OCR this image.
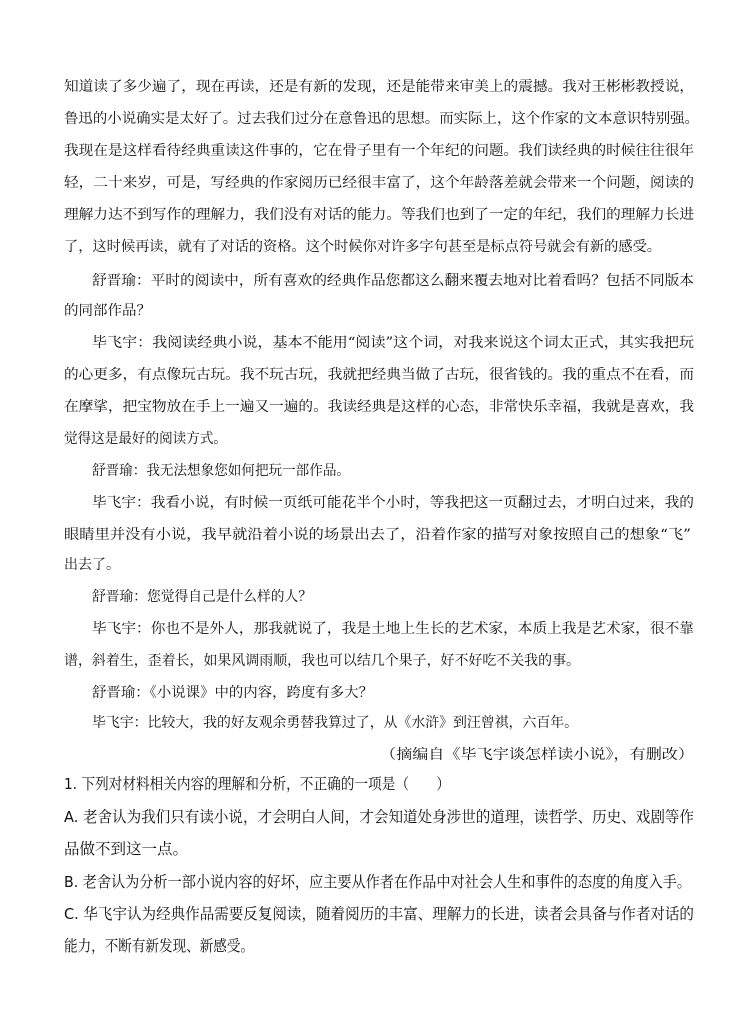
知道读了多少遍了，现在再读，还是有新的发现，还是能带来审美上的震撼。我对王彬彬教授说，
鲁迅的小说确实是太好了。过去我们过分在意鲁迅的思想。而实际上，这个作家的文本意识特别强。
我现在是这样看待经典重读这件事的，它在骨子里有一个年纪的问题。我们读经典的时候往往很年
轻，二十来岁，可是，写经典的作家阅历已经很丰富了，这个年龄落差就会带来一个问题，阅读的
理解力达不到写作的理解力，我们没有对话的能力。等我们也到了一定的年纪，我们的理解力长进
了，这时候再读，就有了对话的资格。这个时候你对许多字句甚至是标点符号就会有新的感受。
舒晋瑜：平时的阅读中，所有喜欢的经典作品您都这么翻来覆去地对比着看吗？包括不同版本
的同部作品？
毕飞宇：我阅读经典小说，基本不能用“阅读”这个词，对我来说这个词太正式，其实我把玩
的心更多，有点像玩古玩。我不玩古玩，我就把经典当做了古玩，很省钱的。我的重点不在看，而
在摩挲，把宝物放在手上一遍又一遍的。我读经典是这样的心态，非常快乐幸福，我就是喜欢，我
觉得这是最好的阅读方式。
舒晋瑜：我无法想象您如何把玩一部作品。
毕飞宇：我看小说，有时候一页纸可能花半个小时，等我把这一页翻过去，才明白过来，我的
眼睛里并没有小说，我早就沿着小说的场景出去了，沿着作家的描写对象按照自己的想象“飞”
出去了。
舒晋瑜：您觉得自己是什么样的人？
毕飞宇：你也不是外人，那我就说了，我是土地上生长的艺术家，本质上我是艺术家，很不靠
谱，斜着生，歪着长，如果风调雨顺，我也可以结几个果子，好不好吃不关我的事。
舒晋瑜：《小说课》中的内容，跨度有多大？
毕飞宇：比较大，我的好友观余勇替我算过了，从《水浒》到汪曾祺，六百年。
（摘编自《毕飞宇谈怎样读小说》，有删改）
1. 下列对材料相关内容的理解和分析，不正确的一项是（　　）
A. 老舍认为我们只有读小说，才会明白人间，才会知道处身涉世的道理，读哲学、历史、戏剧等作
品做不到这一点。
B. 老舍认为分析一部小说内容的好坏，应主要从作者在作品中对社会人生和事件的态度的角度入手。
C. 华飞宇认为经典作品需要反复阅读，随着阅历的丰富、理解力的长进，读者会具备与作者对话的
能力，不断有新发现、新感受。
